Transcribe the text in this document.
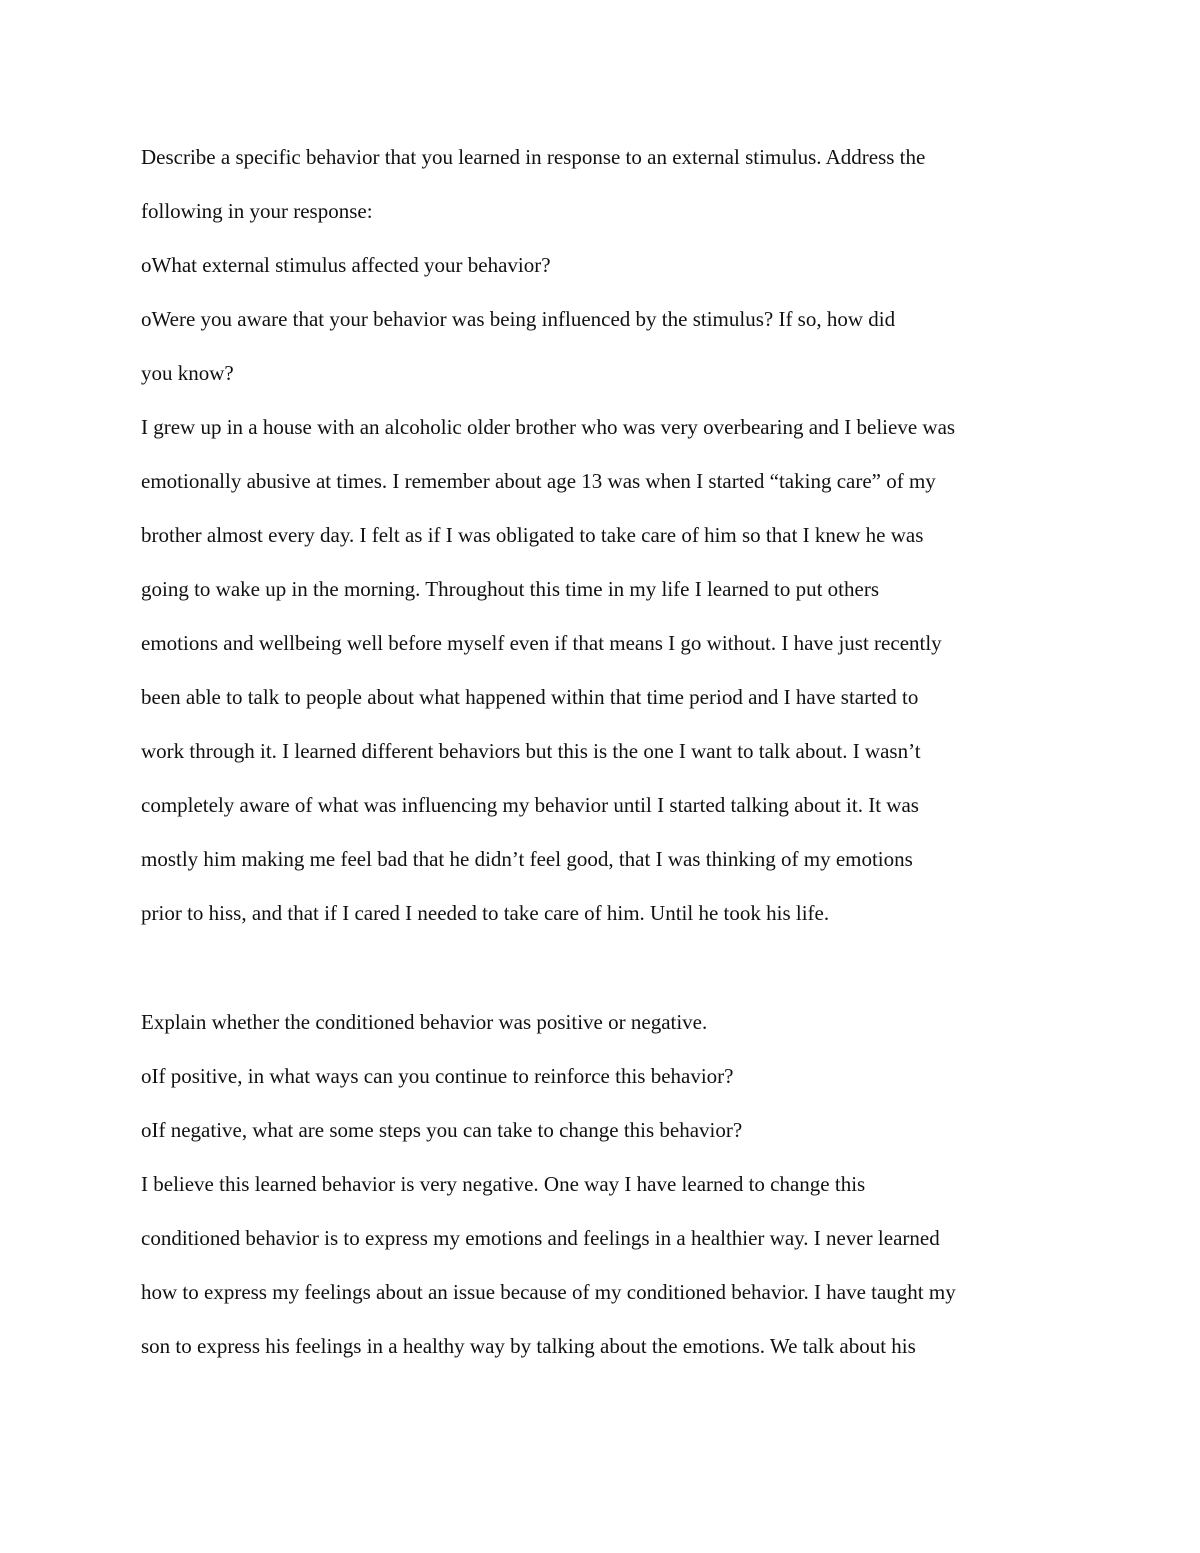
Describe a specific behavior that you learned in response to an external stimulus. Address the
following in your response:
oWhat external stimulus affected your behavior?
oWere you aware that your behavior was being influenced by the stimulus? If so, how did
you know?
I grew up in a house with an alcoholic older brother who was very overbearing and I believe was
emotionally abusive at times. I remember about age 13 was when I started “taking care” of my
brother almost every day. I felt as if I was obligated to take care of him so that I knew he was
going to wake up in the morning. Throughout this time in my life I learned to put others
emotions and wellbeing well before myself even if that means I go without. I have just recently
been able to talk to people about what happened within that time period and I have started to
work through it. I learned different behaviors but this is the one I want to talk about. I wasn’t
completely aware of what was influencing my behavior until I started talking about it. It was
mostly him making me feel bad that he didn’t feel good, that I was thinking of my emotions
prior to hiss, and that if I cared I needed to take care of him. Until he took his life.
Explain whether the conditioned behavior was positive or negative.
oIf positive, in what ways can you continue to reinforce this behavior?
oIf negative, what are some steps you can take to change this behavior?
I believe this learned behavior is very negative. One way I have learned to change this
conditioned behavior is to express my emotions and feelings in a healthier way. I never learned
how to express my feelings about an issue because of my conditioned behavior. I have taught my
son to express his feelings in a healthy way by talking about the emotions. We talk about his
